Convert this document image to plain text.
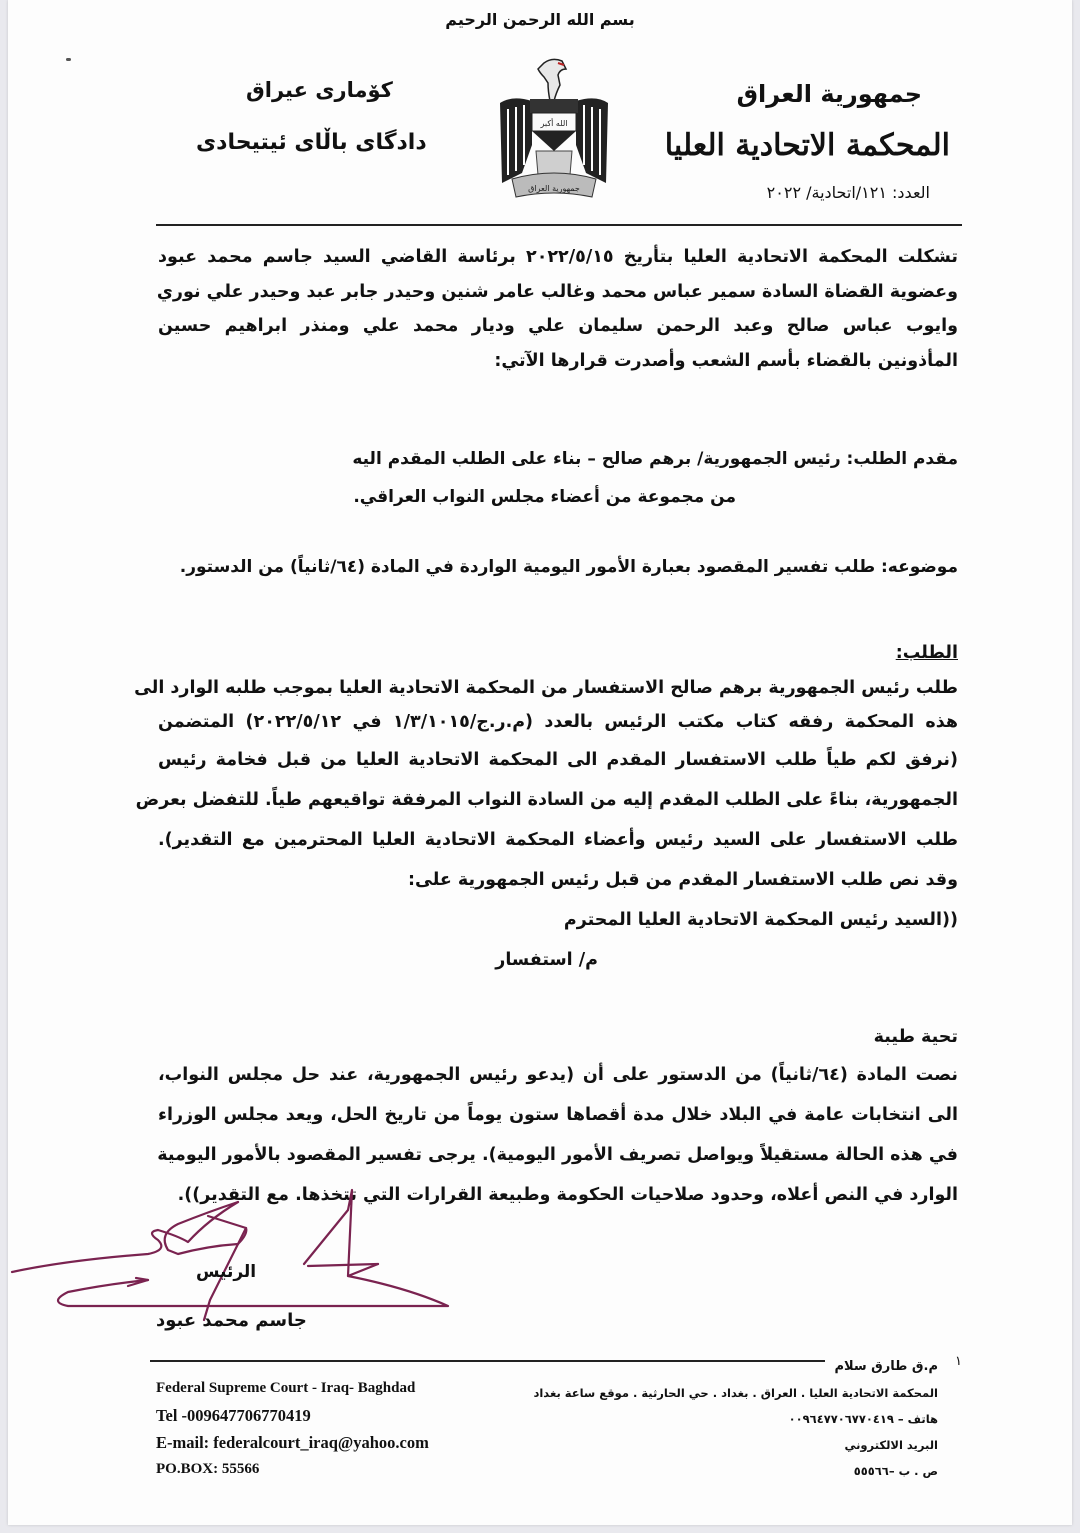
بسم الله الرحمن الرحيم
جمهورية العراق
المحكمة الاتحادية العليا
العدد: ١٢١/اتحادية/ ٢٠٢٢
کۆماری عیراق
دادگای باڵای ئیتیحادی
الله أكبر
جمهورية العراق
تشكلت المحكمة الاتحادية العليا بتأريخ ٢٠٢٢/٥/١٥ برئاسة القاضي السيد جاسم محمد عبود
وعضوية القضاة السادة سمير عباس محمد وغالب عامر شنين وحيدر جابر عبد وحيدر علي نوري
وايوب عباس صالح وعبد الرحمن سليمان علي وديار محمد علي ومنذر ابراهيم حسين
المأذونين بالقضاء بأسم الشعب وأصدرت قرارها الآتي:
مقدم الطلب: رئيس الجمهورية/ برهم صالح – بناء على الطلب المقدم اليه
من مجموعة من أعضاء مجلس النواب العراقي.
موضوعه: طلب تفسير المقصود بعبارة الأمور اليومية الواردة في المادة (٦٤/ثانياً) من الدستور.
الطلب:
طلب رئيس الجمهورية برهم صالح الاستفسار من المحكمة الاتحادية العليا بموجب طلبه الوارد الى
هذه المحكمة رفقه كتاب مكتب الرئيس بالعدد (م.ر.ج/١/٣/١٠١٥ في ٢٠٢٢/٥/١٢) المتضمن
(نرفق لكم طياً طلب الاستفسار المقدم الى المحكمة الاتحادية العليا من قبل فخامة رئيس
الجمهورية، بناءً على الطلب المقدم إليه من السادة النواب المرفقة تواقيعهم طياً. للتفضل بعرض
طلب الاستفسار على السيد رئيس وأعضاء المحكمة الاتحادية العليا المحترمين مع التقدير).
وقد نص طلب الاستفسار المقدم من قبل رئيس الجمهورية على:
((السيد رئيس المحكمة الاتحادية العليا المحترم
م/ استفسار
تحية طيبة
نصت المادة (٦٤/ثانياً) من الدستور على أن (يدعو رئيس الجمهورية، عند حل مجلس النواب،
الى انتخابات عامة في البلاد خلال مدة أقصاها ستون يوماً من تاريخ الحل، ويعد مجلس الوزراء
في هذه الحالة مستقيلاً ويواصل تصريف الأمور اليومية). يرجى تفسير المقصود بالأمور اليومية
الوارد في النص أعلاه، وحدود صلاحيات الحكومة وطبيعة القرارات التي تتخذها. مع التقدير)).
الرئيس
جاسم محمد عبود
١
م.ق طارق سلام
المحكمة الاتحادية العليا . العراق . بغداد . حي الحارثية . موقع ساعة بغداد
هاتف – ٠٠٩٦٤٧٧٠٦٧٧٠٤١٩
البريد الالكتروني
ص . ب –٥٥٥٦٦
Federal Supreme Court - Iraq- Baghdad
Tel -009647706770419
E-mail: federalcourt_iraq@yahoo.com
PO.BOX: 55566
